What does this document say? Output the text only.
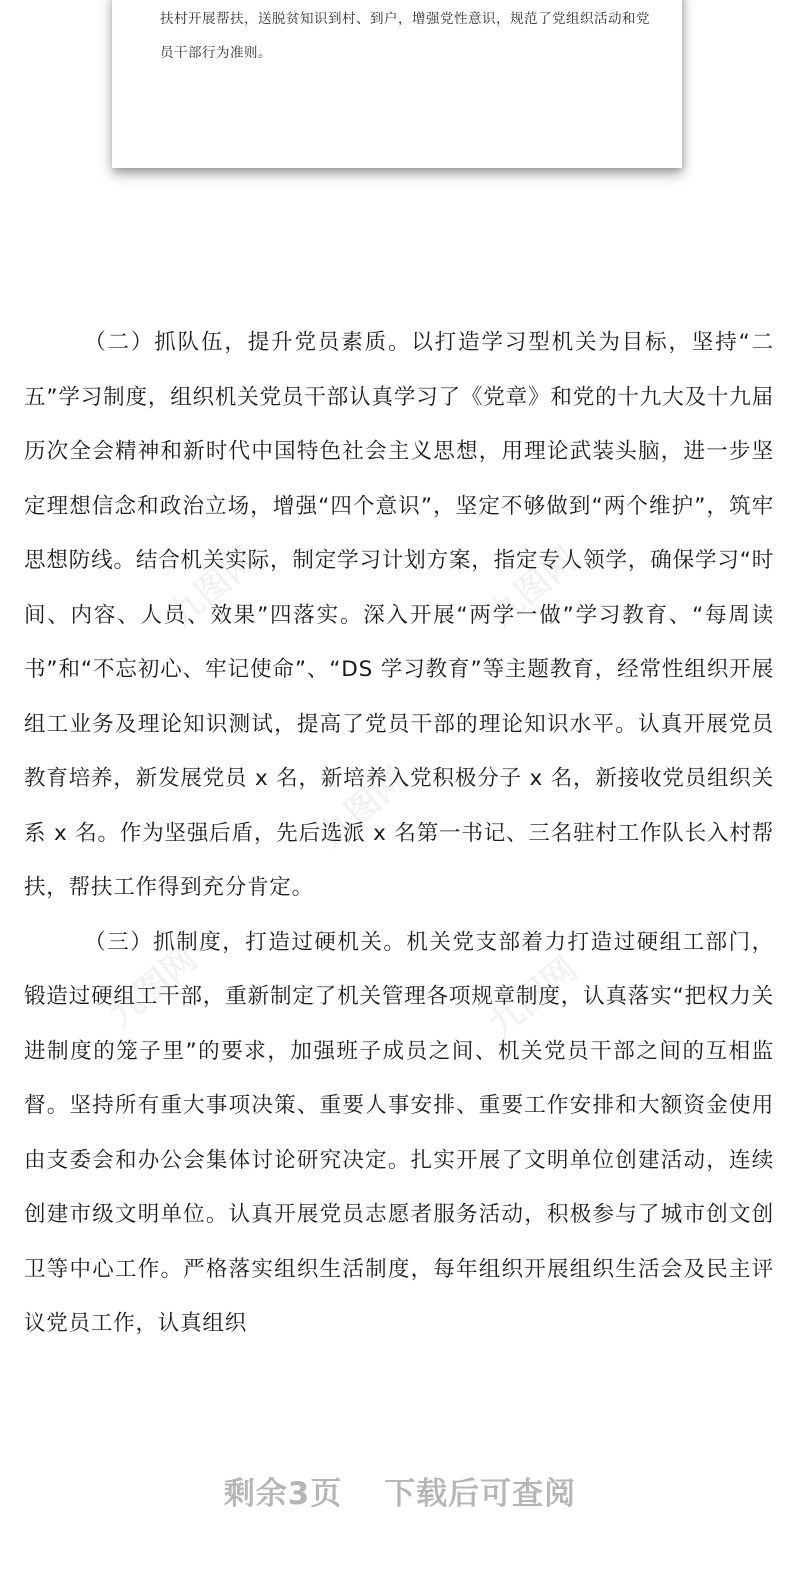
扶村开展帮扶，送脱贫知识到村、到户，增强党性意识，规范了党组织活动和党员干部行为准则。

九图网	九图网
九图网
九图网	九图网

（二）抓队伍，提升党员素质。以打造学习型机关为目标，坚持“二五”学习制度，组织机关党员干部认真学习了《党章》和党的十九大及十九届历次全会精神和新时代中国特色社会主义思想，用理论武装头脑，进一步坚定理想信念和政治立场，增强“四个意识”，坚定不够做到“两个维护”，筑牢思想防线。结合机关实际，制定学习计划方案，指定专人领学，确保学习“时间、内容、人员、效果”四落实。深入开展“两学一做”学习教育、“每周读书”和“不忘初心、牢记使命”、“DS 学习教育”等主题教育，经常性组织开展组工业务及理论知识测试，提高了党员干部的理论知识水平。认真开展党员教育培养，新发展党员 x 名，新培养入党积极分子 x 名，新接收党员组织关系 x 名。作为坚强后盾，先后选派 x 名第一书记、三名驻村工作队长入村帮扶，帮扶工作得到充分肯定。

（三）抓制度，打造过硬机关。机关党支部着力打造过硬组工部门，锻造过硬组工干部，重新制定了机关管理各项规章制度，认真落实“把权力关进制度的笼子里”的要求，加强班子成员之间、机关党员干部之间的互相监督。坚持所有重大事项决策、重要人事安排、重要工作安排和大额资金使用由支委会和办公会集体讨论研究决定。扎实开展了文明单位创建活动，连续创建市级文明单位。认真开展党员志愿者服务活动，积极参与了城市创文创卫等中心工作。严格落实组织生活制度，每年组织开展组织生活会及民主评议党员工作，认真组织

剩余3页 下载后可查阅
